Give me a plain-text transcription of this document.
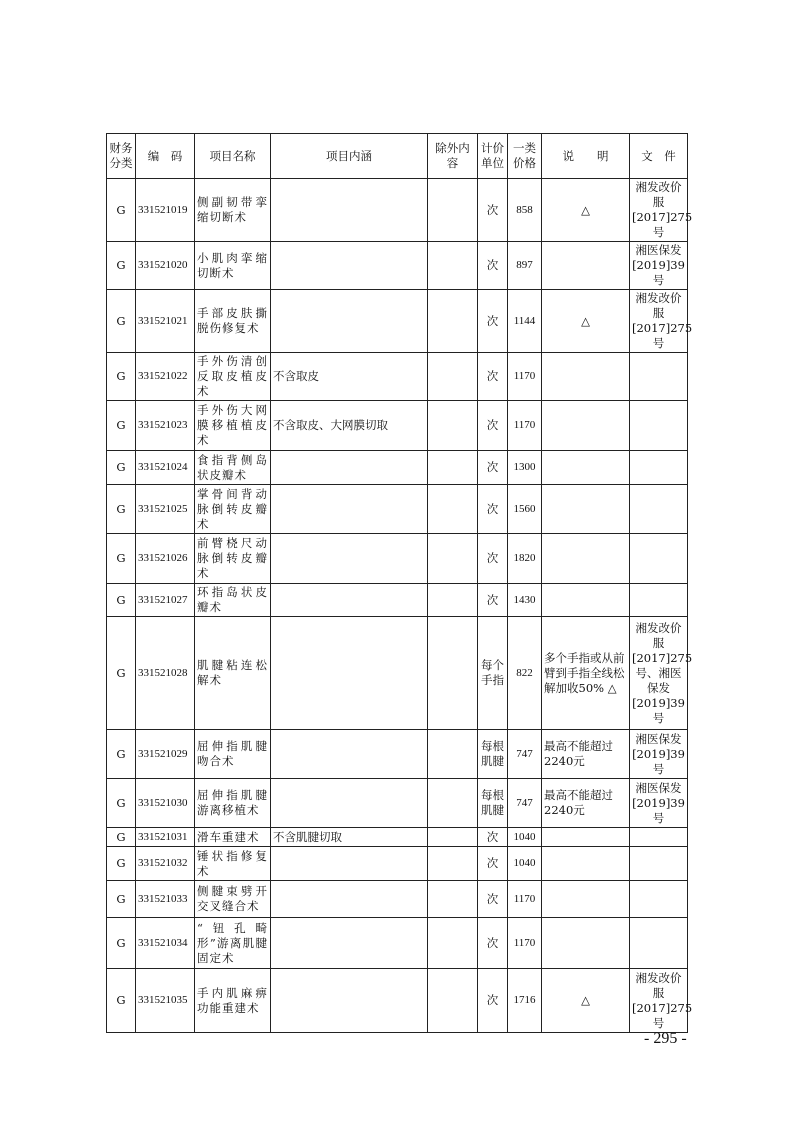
财务分类	编　码	项目名称	项目内涵	除外内容	计价单位	一类价格	说　　明	文　件
G	331521019	侧副韧带挛缩切断术			次	858	△	湘发改价服[2017]275号
G	331521020	小肌肉挛缩切断术			次	897		湘医保发[2019]39号
G	331521021	手部皮肤撕脱伤修复术			次	1144	△	湘发改价服[2017]275号
G	331521022	手外伤清创反取皮植皮术	不含取皮		次	1170		
G	331521023	手外伤大网膜移植植皮术	不含取皮、大网膜切取		次	1170		
G	331521024	食指背侧岛状皮瓣术			次	1300		
G	331521025	掌骨间背动脉倒转皮瓣术			次	1560		
G	331521026	前臂桡尺动脉倒转皮瓣术			次	1820		
G	331521027	环指岛状皮瓣术			次	1430		
G	331521028	肌腱粘连松解术			每个手指	822	多个手指或从前臂到手指全线松解加收50% △	湘发改价服[2017]275号、湘医保发[2019]39号
G	331521029	屈伸指肌腱吻合术			每根肌腱	747	最高不能超过2240元	湘医保发[2019]39号
G	331521030	屈伸指肌腱游离移植术			每根肌腱	747	最高不能超过2240元	湘医保发[2019]39号
G	331521031	滑车重建术	不含肌腱切取		次	1040		
G	331521032	锤状指修复术			次	1040		
G	331521033	侧腱束劈开交叉缝合术			次	1170		
G	331521034	“钮孔畸形”游离肌腱固定术			次	1170		
G	331521035	手内肌麻痹功能重建术			次	1716	△	湘发改价服[2017]275号
- 295 -
